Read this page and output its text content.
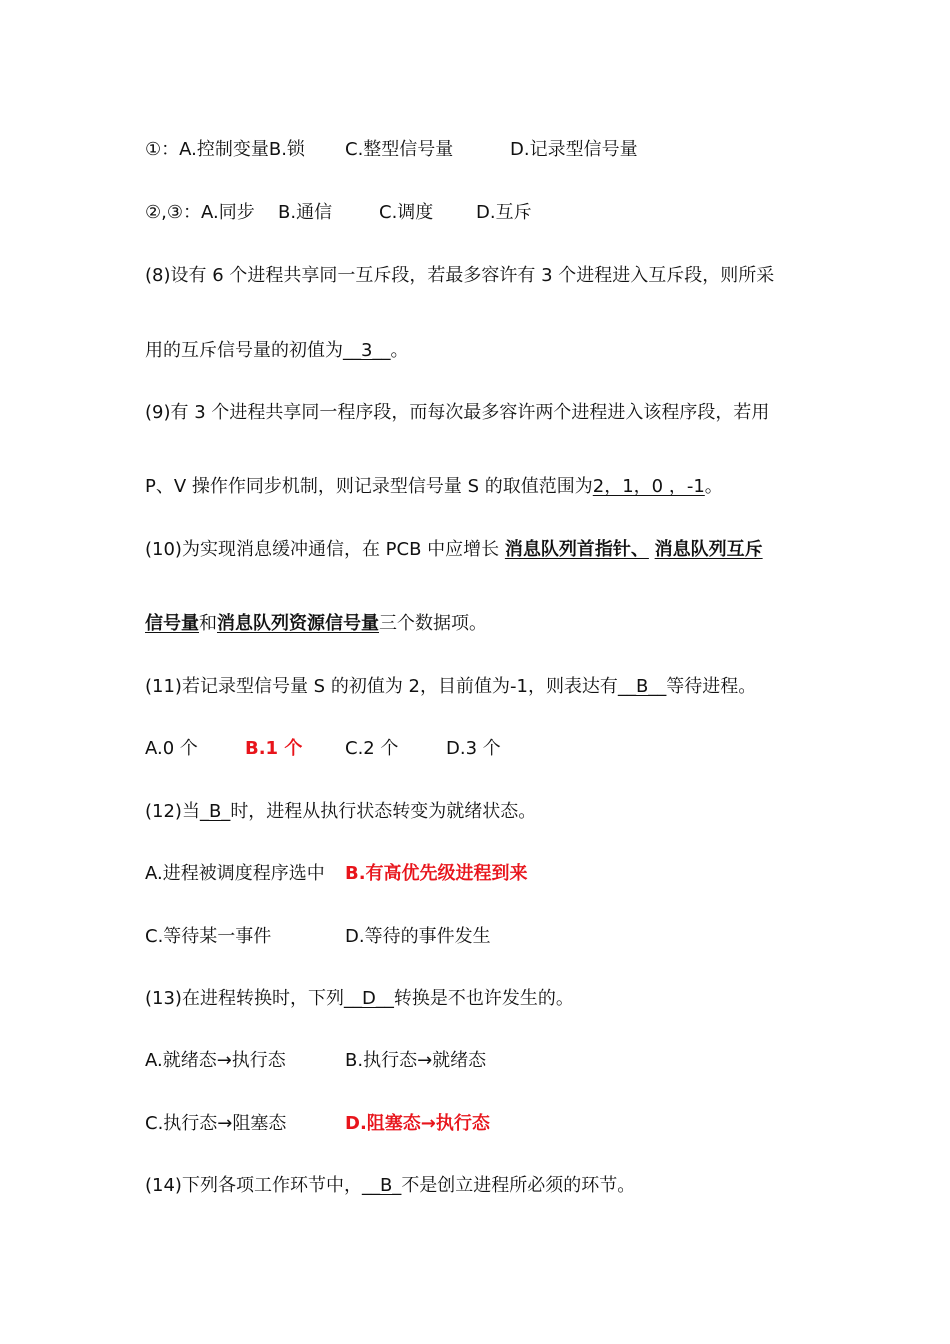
①：A.控制变量B.锁 C.整型信号量	D.记录型信号量
②,③：A.同步 B.通信	C.调度 D.互斥
(8)设有 6 个进程共享同一互斥段，若最多容许有 3 个进程进入互斥段，则所采
用的互斥信号量的初值为__3__。
(9)有 3 个进程共享同一程序段，而每次最多容许两个进程进入该程序段，若用
P、V 操作作同步机制，则记录型信号量 S 的取值范围为2，1，0 ，-1。
(10)为实现消息缓冲通信，在 PCB 中应增长 消息队列首指针、 消息队列互斥
信号量和消息队列资源信号量三个数据项。
(11)若记录型信号量 S 的初值为 2，目前值为-1，则表达有__B__等待进程。
A.0 个	B.1 个 C.2 个	D.3 个
(12)当_B_时，进程从执行状态转变为就绪状态。
A.进程被调度程序选中 B.有高优先级进程到来
C.等待某一事件	D.等待的事件发生
(13)在进程转换时，下列__D__转换是不也许发生的。
A.就绪态→执行态	B.执行态→就绪态
C.执行态→阻塞态	D.阻塞态→执行态
(14)下列各项工作环节中，__B_不是创立进程所必须的环节。
